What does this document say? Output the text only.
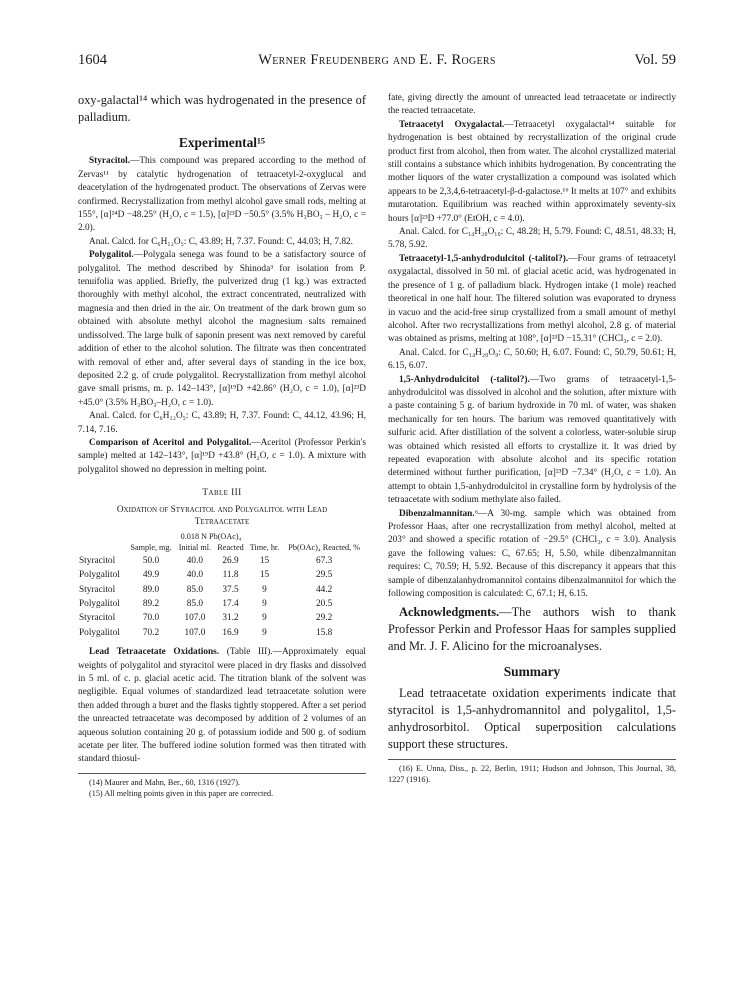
1604	Werner Freudenberg and E. F. Rogers	Vol. 59

oxy-galactal¹⁴ which was hydrogenated in the presence of palladium.

Experimental¹⁵

Styracitol.—This compound was prepared according to the method of Zervas¹¹ by catalytic hydrogenation of tetraacetyl-2-oxyglucal and deacetylation of the hydrogenated product. The observations of Zervas were confirmed. Recrystallization from methyl alcohol gave small rods, melting at 155°, [α]²⁴D −48.25° (H₂O, c = 1.5), [α]²³D −50.5° (3.5% H₃BO₃ – H₂O, c = 2.0).

Anal. Calcd. for C₆H₁₂O₅: C, 43.89; H, 7.37. Found: C, 44.03; H, 7.82.

Polygalitol.—Polygala senega was found to be a satisfactory source of polygalitol. The method described by Shinoda³ for isolation from P. tenuifolia was applied. Briefly, the pulverized drug (1 kg.) was extracted thoroughly with methyl alcohol, the extract concentrated, neutralized with magnesia and then dried in the air. On treatment of the dark brown gum so obtained with absolute methyl alcohol the magnesium salts remained undissolved. The large bulk of saponin present was next removed by careful addition of ether to the alcohol solution. The filtrate was then concentrated with removal of ether and, after several days of standing in the ice box, deposited 2.2 g. of crude polygalitol. Recrystallization from methyl alcohol gave small prisms, m. p. 142–143°, [α]¹⁹D +42.86° (H₂O, c = 1.0), [α]²³D +45.0° (3.5% H₃BO₃–H₂O, c = 1.0).

Anal. Calcd. for C₆H₁₂O₅: C, 43.89; H, 7.37. Found: C, 44.12, 43.96; H, 7.14, 7.16.

Comparison of Aceritol and Polygalitol.—Aceritol (Professor Perkin's sample) melted at 142–143°, [α]¹⁹D +43.8° (H₂O, c = 1.0). A mixture with polygalitol showed no depression in melting point.

Table III
Oxidation of Styracitol and Polygalitol with Lead
Tetraacetate
		0.018 N Pb(OAc)₄			
	Sample, mg.	Initial ml.	Reacted	Time, hr.	Pb(OAc)₄ Reacted, %
Styracitol	50.0	40.0	26.9	15	67.3
Polygalitol	49.9	40.0	11.8	15	29.5
Styracitol	89.0	85.0	37.5	9	44.2
Polygalitol	89.2	85.0	17.4	9	20.5
Styracitol	70.0	107.0	31.2	9	29.2
Polygalitol	70.2	107.0	16.9	9	15.8

Lead Tetraacetate Oxidations. (Table III).—Approximately equal weights of polygalitol and styracitol were placed in dry flasks and dissolved in 5 ml. of c. p. glacial acetic acid. The titration blank of the solvent was negligible. Equal volumes of standardized lead tetraacetate solution were then added through a buret and the flasks tightly stoppered. After a set period the unreacted tetraacetate was decomposed by addition of 2 volumes of an aqueous solution containing 20 g. of potassium iodide and 500 g. of sodium acetate per liter. The buffered iodine solution formed was then titrated with standard thiosul-

(14) Maurer and Mahn, Ber., 60, 1316 (1927).
(15) All melting points given in this paper are corrected.

fate, giving directly the amount of unreacted lead tetraacetate or indirectly the reacted tetraacetate.

Tetraacetyl Oxygalactal.—Tetraacetyl oxygalactal¹⁴ suitable for hydrogenation is best obtained by recrystallization of the original crude product first from alcohol, then from water. The alcohol crystallized material still contains a substance which inhibits hydrogenation. By concentrating the mother liquors of the water crystallization a compound was isolated which appears to be 2,3,4,6-tetraacetyl-β-d-galactose.¹⁶ It melts at 107° and exhibits mutarotation. Equilibrium was reached within approximately seventy-six hours [α]²³D +77.0° (EtOH, c = 4.0).

Anal. Calcd. for C₁₄H₂₀O₁₀: C, 48.28; H, 5.79. Found: C, 48.51, 48.33; H, 5.78, 5.92.

Tetraacetyl-1,5-anhydrodulcitol (-talitol?).—Four grams of tetraacetyl oxygalactal, dissolved in 50 ml. of glacial acetic acid, was hydrogenated in the presence of 1 g. of palladium black. Hydrogen intake (1 mole) reached theoretical in one half hour. The filtered solution was evaporated to dryness in vacuo and the acid-free sirup crystallized from a small amount of methyl alcohol. After two recrystallizations from methyl alcohol, 2.8 g. of material was obtained as prisms, melting at 108°, [α]²³D −15.31° (CHCl₃, c = 2.0).

Anal. Calcd. for C₁₄H₂₀O₉: C, 50.60; H, 6.07. Found: C, 50.79, 50.61; H, 6.15, 6.07.

1,5-Anhydrodulcitol (-talitol?).—Two grams of tetraacetyl-1,5-anhydrodulcitol was dissolved in alcohol and the solution, after mixture with a paste containing 5 g. of barium hydroxide in 70 ml. of water, was shaken mechanically for ten hours. The barium was removed quantitatively with sulfuric acid. After distillation of the solvent a colorless, water-soluble sirup was obtained which resisted all efforts to crystallize it. It was dried by repeated evaporation with absolute alcohol and its specific rotation determined without further purification, [α]²³D −7.34° (H₂O, c = 1.0). An attempt to obtain 1,5-anhydrodulcitol in crystalline form by hydrolysis of the tetraacetate with sodium methylate also failed.

Dibenzalmannitan.⁶—A 30-mg. sample which was obtained from Professor Haas, after one recrystallization from methyl alcohol, melted at 203° and showed a specific rotation of −29.5° (CHCl₃, c = 3.0). Analysis gave the following values: C, 67.65; H, 5.50, while dibenzalmannitan requires: C, 70.59; H, 5.92. Because of this discrepancy it appears that this sample of dibenzalanhydromannitol contains dibenzalmannitol for which the following composition is calculated: C, 67.1; H, 6.15.

Acknowledgments.—The authors wish to thank Professor Perkin and Professor Haas for samples supplied and Mr. J. F. Alicino for the microanalyses.

Summary

Lead tetraacetate oxidation experiments indicate that styracitol is 1,5-anhydromannitol and polygalitol, 1,5-anhydrosorbitol. Optical superposition calculations support these structures.

(16) E. Unna, Diss., p. 22, Berlin, 1911; Hudson and Johnson, This Journal, 38, 1227 (1916).
